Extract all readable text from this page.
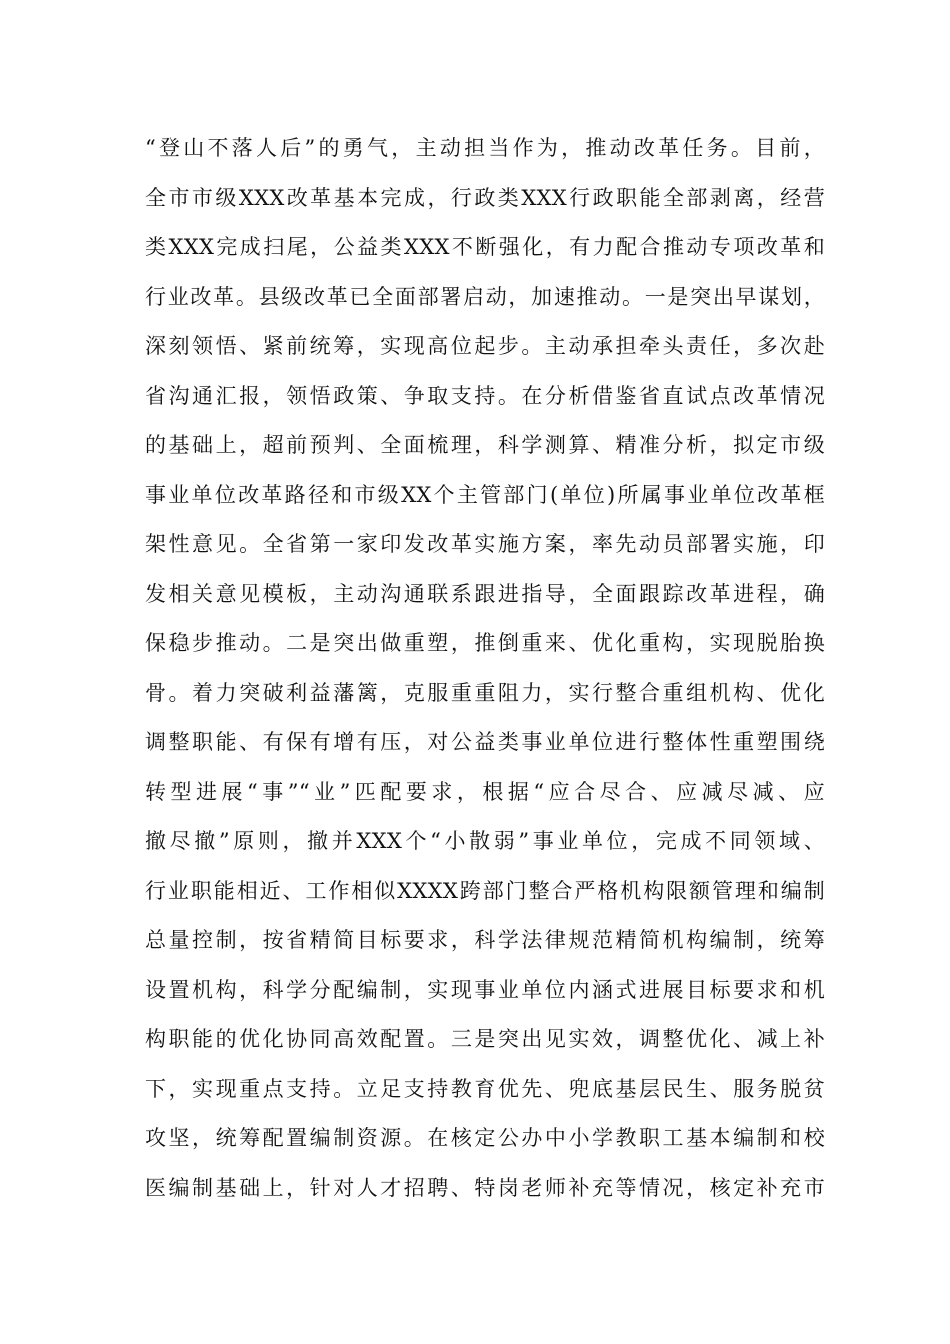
“登山不落人后”的勇气，主动担当作为，推动改革任务。目前，
全市市级XXX改革基本完成，行政类XXX行政职能全部剥离，经营
类XXX完成扫尾，公益类XXX不断强化，有力配合推动专项改革和
行业改革。县级改革已全面部署启动，加速推动。一是突出早谋划，
深刻领悟、紧前统筹，实现高位起步。主动承担牵头责任，多次赴
省沟通汇报，领悟政策、争取支持。在分析借鉴省直试点改革情况
的基础上，超前预判、全面梳理，科学测算、精准分析，拟定市级
事业单位改革路径和市级XX个主管部门(单位)所属事业单位改革框
架性意见。全省第一家印发改革实施方案，率先动员部署实施，印
发相关意见模板，主动沟通联系跟进指导，全面跟踪改革进程，确
保稳步推动。二是突出做重塑，推倒重来、优化重构，实现脱胎换
骨。着力突破利益藩篱，克服重重阻力，实行整合重组机构、优化
调整职能、有保有增有压，对公益类事业单位进行整体性重塑围绕
转型进展“事”“业”匹配要求，根据“应合尽合、应减尽减、应
撤尽撤”原则，撤并XXX个“小散弱”事业单位，完成不同领域、
行业职能相近、工作相似XXXX跨部门整合严格机构限额管理和编制
总量控制，按省精简目标要求，科学法律规范精简机构编制，统筹
设置机构，科学分配编制，实现事业单位内涵式进展目标要求和机
构职能的优化协同高效配置。三是突出见实效，调整优化、减上补
下，实现重点支持。立足支持教育优先、兜底基层民生、服务脱贫
攻坚，统筹配置编制资源。在核定公办中小学教职工基本编制和校
医编制基础上，针对人才招聘、特岗老师补充等情况，核定补充市
